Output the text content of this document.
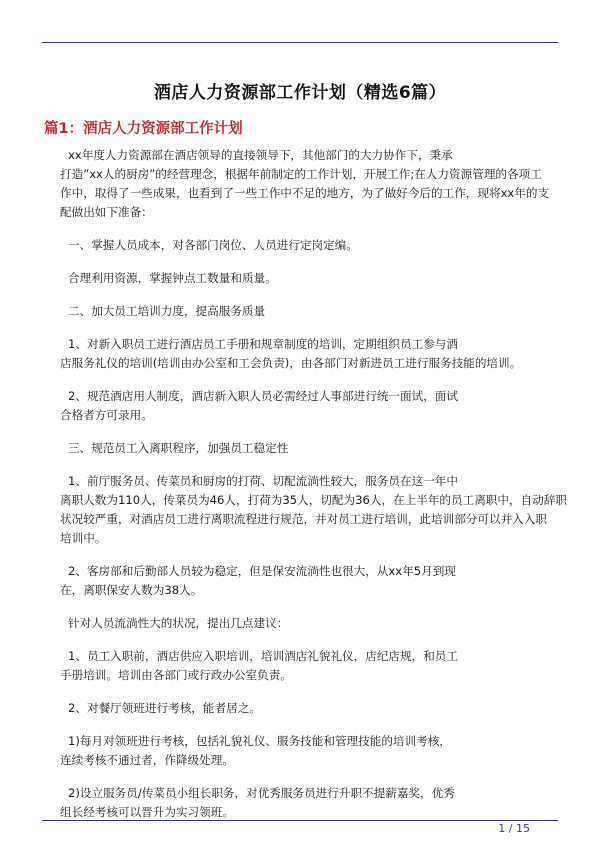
酒店人力资源部工作计划（精选6篇）
篇1：酒店人力资源部工作计划

xx年度人力资源部在酒店领导的直接领导下，其他部门的大力协作下，秉承
打造”xx人的厨房”的经营理念，根据年前制定的工作计划，开展工作;在人力资源管理的各项工
作中，取得了一些成果，也看到了一些工作中不足的地方，为了做好今后的工作，现将xx年的支
配做出如下准备：

一、掌握人员成本，对各部门岗位、人员进行定岗定编。

合理利用资源，掌握钟点工数量和质量。

二、加大员工培训力度，提高服务质量

1、对新入职员工进行酒店员工手册和规章制度的培训，定期组织员工参与酒
店服务礼仪的培训(培训由办公室和工会负责)，由各部门对新进员工进行服务技能的培训。

2、规范酒店用人制度，酒店新入职人员必需经过人事部进行统一面试，面试
合格者方可录用。

三、规范员工入离职程序，加强员工稳定性

1、前厅服务员、传菜员和厨房的打荷、切配流淌性较大，服务员在这一年中
离职人数为110人，传菜员为46人，打荷为35人，切配为36人，在上半年的员工离职中，自动辞职
状况较严重，对酒店员工进行离职流程进行规范，并对员工进行培训，此培训部分可以并入入职
培训中。

2、客房部和后勤部人员较为稳定，但是保安流淌性也很大，从xx年5月到现
在，离职保安人数为38人。

针对人员流淌性大的状况，提出几点建议：

1、员工入职前，酒店供应入职培训，培训酒店礼貌礼仪，店纪店规，和员工
手册培训。培训由各部门或行政办公室负责。

2、对餐厅领班进行考核，能者居之。

1)每月对领班进行考核，包括礼貌礼仪、服务技能和管理技能的培训考核，
连续考核不通过者，作降级处理。

2)设立服务员/传菜员小组长职务，对优秀服务员进行升职不提薪嘉奖，优秀
组长经考核可以晋升为实习领班。

1 / 15
